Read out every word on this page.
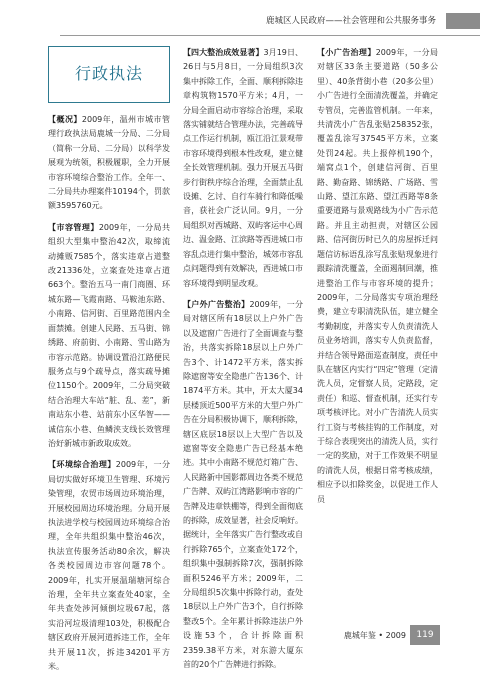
鹿城区人民政府——社会管理和公共服务事务
行政执法

【概况】2009年，温州市城市管理行政执法局鹿城一分局、二分局（简称一分局、二分局）以科学发展观为统领，积极履职，全力开展市容环境综合整治工作。全年一、二分局共办理案件10194个，罚款额3595760元。

【市容管理】2009年，一分局共组织大型集中整治42次，取缔流动摊贩7585个，落实违章占道整改21336处，立案查处违章占道663个。整治五马一南门商圈、环城东路—飞霞南路、马鞍池东路、小南路、信河街、百里路范围内全面禁摊。创建人民路、五马街、锦绣路、府前街、小南路、雪山路为市容示范路。协调设置沿江路便民服务点与9个疏导点，落实疏导摊位1150个。2009年，二分局突破结合治理大车站“脏、乱、差”，新南站东小巷、站前东小区华智——诚信东小巷、鱼鳞浃支线长效管理治好新城市新政取成效。

【环境综合治理】2009年，一分局切实做好环境卫生管理、环境污染管理，农贸市场周边环境治理，开展校园周边环境治理。分局开展执法进学校与校园周边环境综合治理，全年共组织集中整治46次，执法宣传服务活动80余次，解决各类校园周边市容问题78个。2009年，扎实开展温瑞塘河综合治理，全年共立案查处40家，全年共查处涉河倾倒垃圾67起，落实沿河垃圾清理103处，积极配合辖区政府开展河道拆违工作，全年共开展11次，拆违34201平方米。

【四大整治成效显著】3月19日、26日与5月8日，一分局组织3次集中拆除工作，全面、顺利拆除违章构筑物1570平方米；4月，一分局全面启动市容综合治理，采取落实铺就结合管理办法，完善疏导点工作运行机制，瓯江沿江景观带市容环境得到根本性改观，建立健全长效管理机制。强力开展五马街步行街秩序综合治理，全面禁止乱设摊、乞讨、自行车骑行和降低噪音，获社会广泛认同。9月，一分局组织对西城路、双屿客运中心周边、温金路、江滨路等西进城口市容乱点进行集中整治，城郊市容乱点问题得到有效解决，西进城口市容环境得到明显改观。

【户外广告整治】2009年，一分局对辖区所有18层以上户外广告以及遮窗广告进行了全面调查与整治，共落实拆除18层以上户外广告3个、计1472平方米，落实拆除遮窗等安全隐患广告136个、计1874平方米。其中，开太大厦34层楼顶近500平方米的大型户外广告在分局积极协调下，顺利拆除，辖区底层18层以上大型广告以及遮窗等安全隐患广告已经基本绝迹。其中小南路不规范灯箱广告、人民路新中国影都周边各类不规范广告牌、双屿江湾路影响市容的广告牌及违章铁棚等，得到全面彻底的拆除，成效显著，社会反响好。据统计，全年落实广告行整改或自行拆除765个，立案查处172个，组织集中强制拆除7次，强制拆除面积5246平方米；2009年，二分局组织5次集中拆除行动，查处18层以上户外广告3个，自行拆除整改5个。全年累计拆除违法户外设施53个，合计拆除面积2359.38平方米，对东游大厦东首的20个广告牌进行拆除。

【小广告治理】2009年，一分局对辖区33条主要道路（50多公里）、40条背街小巷（20多公里）小广告进行全面清洗覆盖，并确定专管员，完善监管机制。一年来，共清洗小广告乱张贴258352张，覆盖乱涂写37545平方米，立案处罚24起。共上报停机190个，端窝点1个，创建信河街、百里路、勤奋路、锦绣路、广场路、雪山路、望江东路、望江西路等8条重要道路与景观路线为小广告示范路。并且主动担责，对辖区公园路、信河街历时已久的房屋拆迁问题信访标语乱涂写乱张贴现象进行跟踪清洗覆盖，全面遏制回潮，推进整治工作与市容环境的提升；2009年，二分局落实专项治理经费，建立专职清洗队伍，建立健全考勤制度，并落实专人负责清洗人员业务培训，落实专人负责监督，并结合领导路面巡查制度，责任中队在辖区内实行“四定”管理（定清洗人员，定督察人员，定路段，定责任）和巡、督查机制，还实行专项考核评比。对小广告清洗人员实行工资与考核挂钩的工作制度，对于综合表现突出的清洗人员，实行一定的奖励，对于工作效果不明显的清洗人员，根据日常考核成绩，相应予以扣除奖金，以促进工作人员

鹿城年鉴 • 2009	119
